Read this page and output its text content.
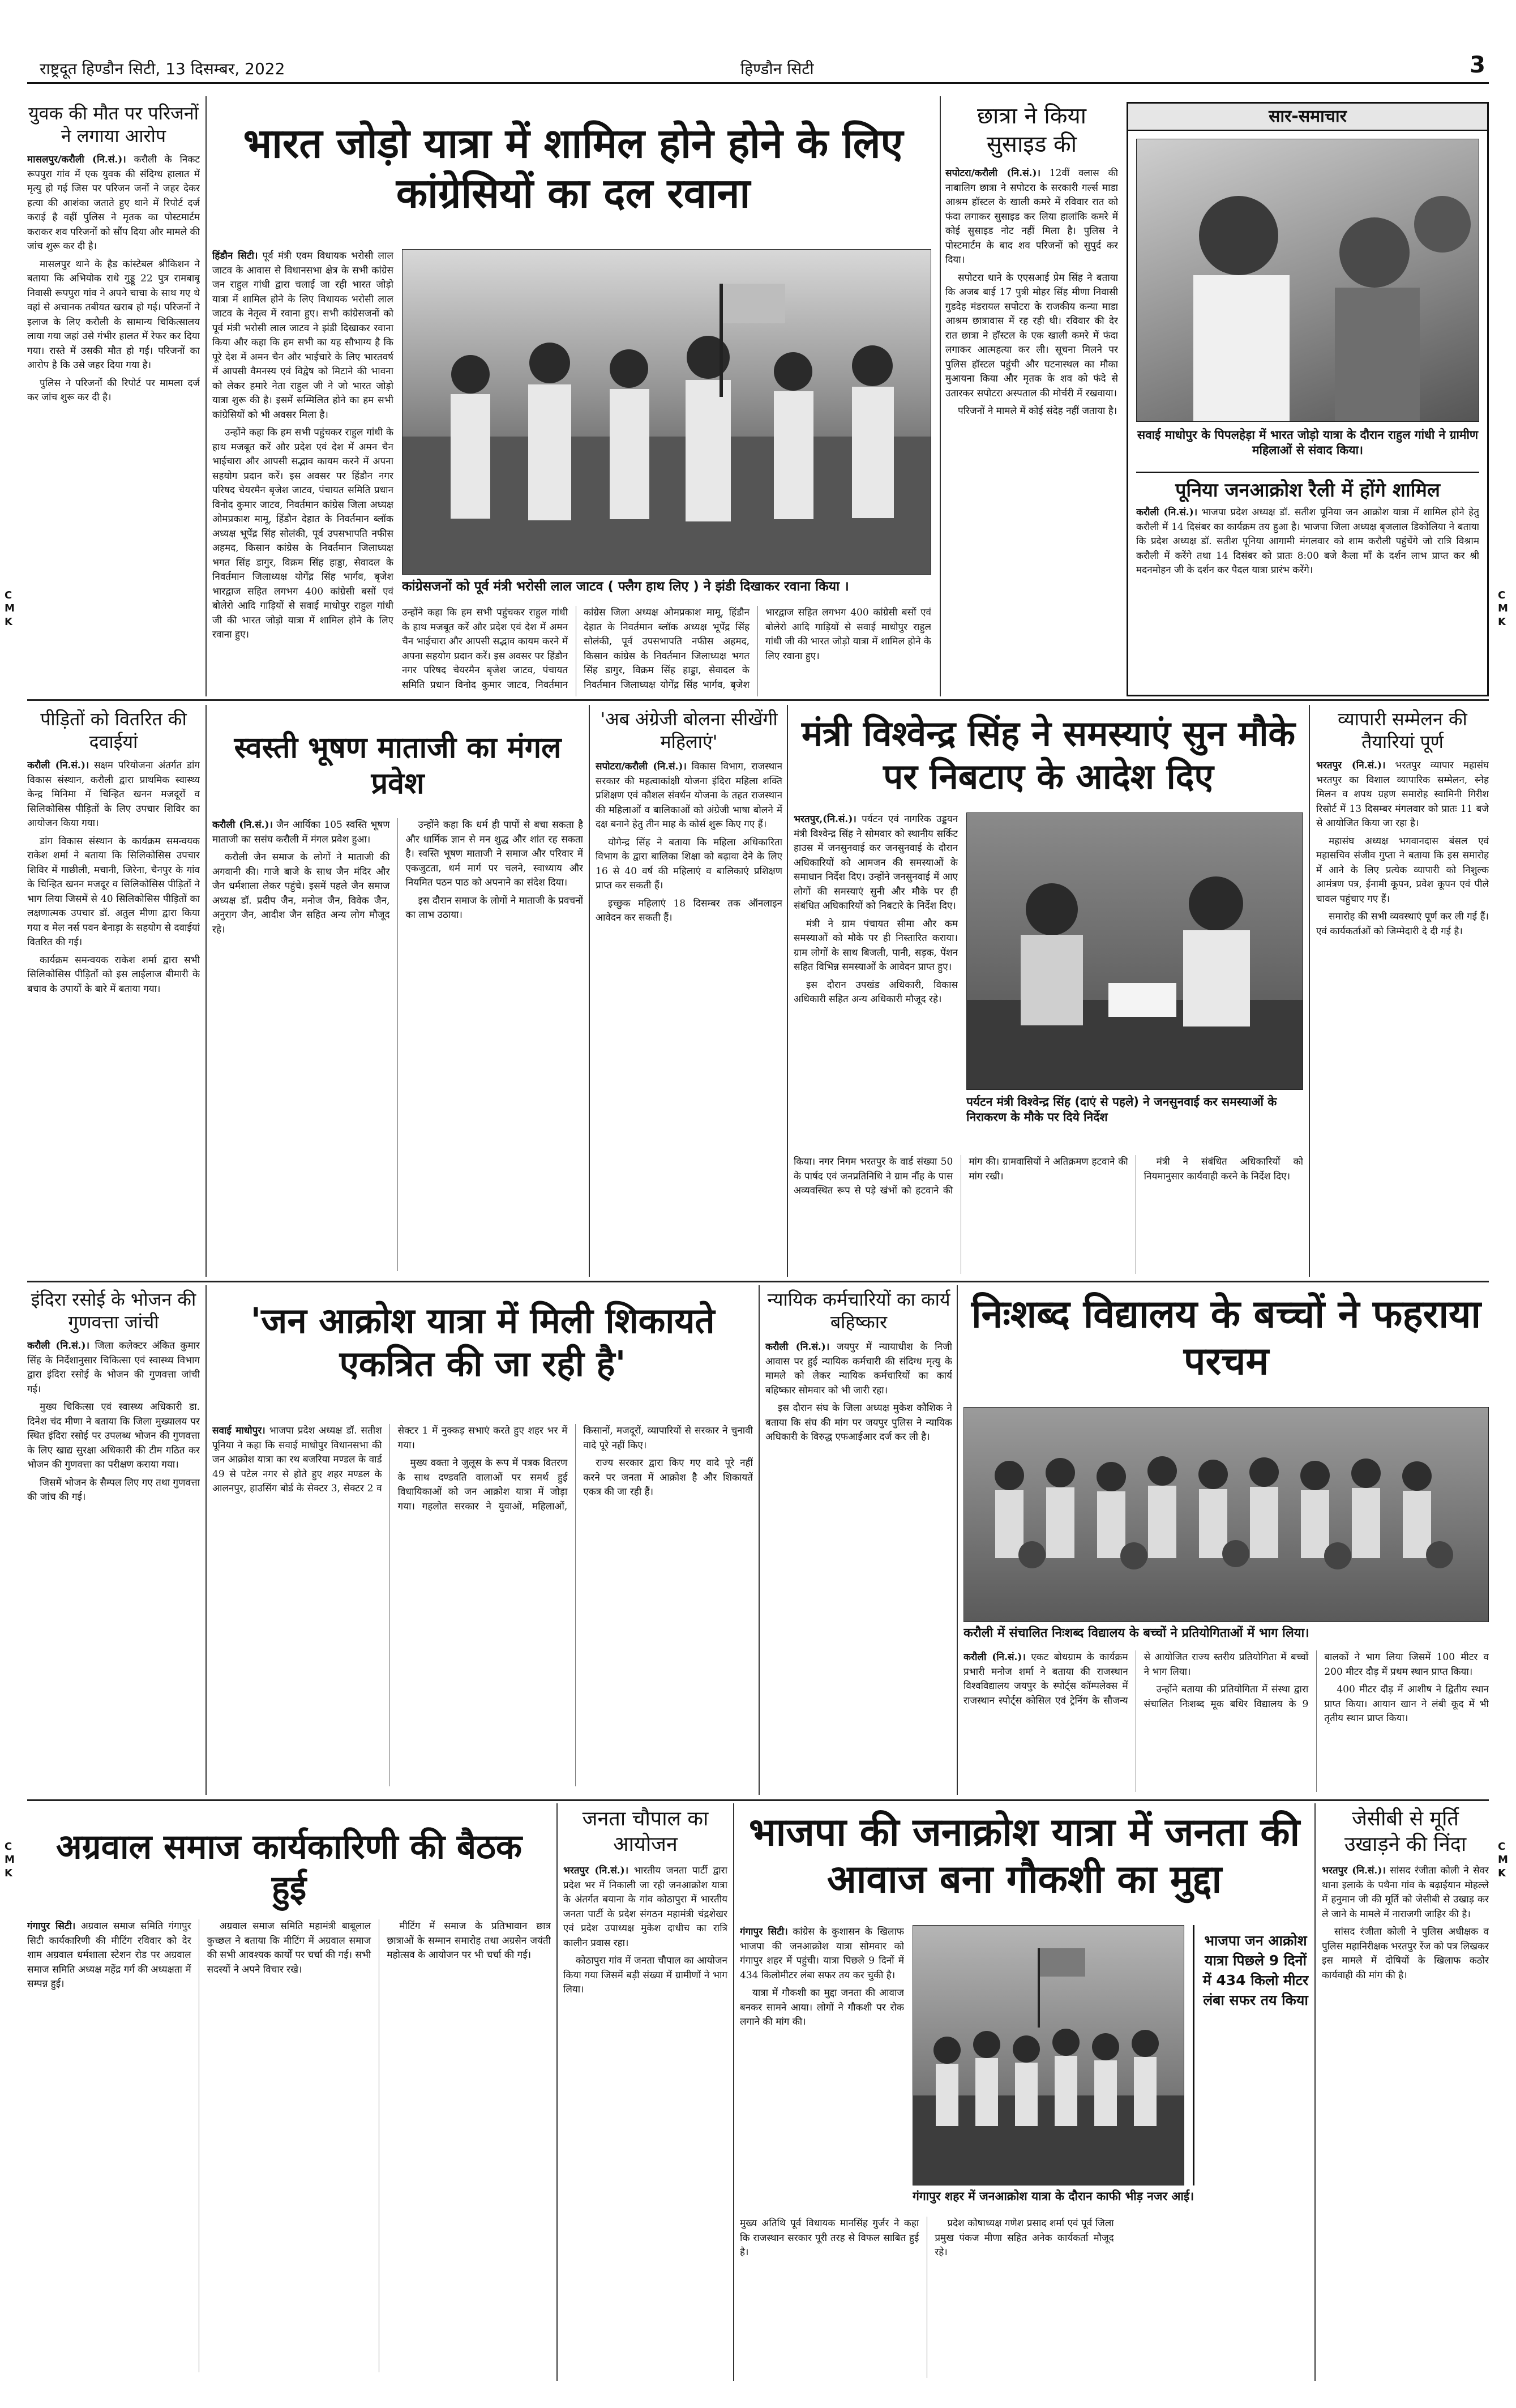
राष्ट्रदूत हिण्डौन सिटी, 13 दिसम्बर, 2022	हिण्डौन सिटी	3
C M K
C M K
C M K
C M K
युवक की मौत पर परिजनों ने लगाया आरोप

मासलपुर/करौली (नि.सं.)। करौली के निकट रूपपुरा गांव में एक युवक की संदिग्ध हालात में मृत्यु हो गई जिस पर परिजन जनों ने जहर देकर हत्या की आशंका जताते हुए थाने में रिपोर्ट दर्ज कराई है वहीं पुलिस ने मृतक का पोस्टमार्टम कराकर शव परिजनों को सौंप दिया और मामले की जांच शुरू कर दी है।

मासलपुर थाने के हैड कांस्टेबल श्रीकिशन ने बताया कि अभियोक राधे गुड्डू 22 पुत्र रामबाबू निवासी रूपपुरा गांव ने अपने चाचा के साथ गए थे वहां से अचानक तबीयत खराब हो गई। परिजनों ने इलाज के लिए करौली के सामान्य चिकित्सालय लाया गया जहां उसे गंभीर हालत में रेफर कर दिया गया। रास्ते में उसकी मौत हो गई। परिजनों का आरोप है कि उसे जहर दिया गया है।

पुलिस ने परिजनों की रिपोर्ट पर मामला दर्ज कर जांच शुरू कर दी है।

भारत जोड़ो यात्रा में शामिल होने होने के लिए कांग्रेसियों का दल रवाना

हिंडौन सिटी। पूर्व मंत्री एवम विधायक भरोसी लाल जाटव के आवास से विधानसभा क्षेत्र के सभी कांग्रेस जन राहुल गांधी द्वारा चलाई जा रही भारत जोड़ो यात्रा में शामिल होने के लिए विधायक भरोसी लाल जाटव के नेतृत्व में रवाना हुए। सभी कांग्रेसजनों को पूर्व मंत्री भरोसी लाल जाटव ने झंडी दिखाकर रवाना किया और कहा कि हम सभी का यह सौभाग्य है कि पूरे देश में अमन चैन और भाईचारे के लिए भारतवर्ष में आपसी वैमनस्य एवं विद्वेष को मिटाने की भावना को लेकर हमारे नेता राहुल जी ने जो भारत जोड़ो यात्रा शुरू की है। इसमें सम्मिलित होने का हम सभी कांग्रेसियों को भी अवसर मिला है।

उन्होंने कहा कि हम सभी पहुंचकर राहुल गांधी के हाथ मजबूत करें और प्रदेश एवं देश में अमन चैन भाईचारा और आपसी सद्भाव कायम करने में अपना सहयोग प्रदान करें। इस अवसर पर हिंडौन नगर परिषद चेयरमैन बृजेश जाटव, पंचायत समिति प्रधान विनोद कुमार जाटव, निवर्तमान कांग्रेस जिला अध्यक्ष ओमप्रकाश मामू, हिंडौन देहात के निवर्तमान ब्लॉक अध्यक्ष भूपेंद्र सिंह सोलंकी, पूर्व उपसभापति नफीस अहमद, किसान कांग्रेस के निवर्तमान जिलाध्यक्ष भगत सिंह डागुर, विक्रम सिंह हाड्डा, सेवादल के निवर्तमान जिलाध्यक्ष योगेंद्र सिंह भार्गव, बृजेश भारद्वाज सहित लगभग 400 कांग्रेसी बसों एवं बोलेरो आदि गाड़ियों से सवाई माधोपुर राहुल गांधी जी की भारत जोड़ो यात्रा में शामिल होने के लिए रवाना हुए।

कांग्रेसजनों को पूर्व मंत्री भरोसी लाल जाटव ( फ्लैग हाथ लिए ) ने झंडी दिखाकर रवाना किया ।

उन्होंने कहा कि हम सभी पहुंचकर राहुल गांधी के हाथ मजबूत करें और प्रदेश एवं देश में अमन चैन भाईचारा और आपसी सद्भाव कायम करने में अपना सहयोग प्रदान करें। इस अवसर पर हिंडौन नगर परिषद चेयरमैन बृजेश जाटव, पंचायत समिति प्रधान विनोद कुमार जाटव, निवर्तमान कांग्रेस जिला अध्यक्ष ओमप्रकाश मामू, हिंडौन देहात के निवर्तमान ब्लॉक अध्यक्ष भूपेंद्र सिंह सोलंकी, पूर्व उपसभापति नफीस अहमद, किसान कांग्रेस के निवर्तमान जिलाध्यक्ष भगत सिंह डागुर, विक्रम सिंह हाड्डा, सेवादल के निवर्तमान जिलाध्यक्ष योगेंद्र सिंह भार्गव, बृजेश भारद्वाज सहित लगभग 400 कांग्रेसी बसों एवं बोलेरो आदि गाड़ियों से सवाई माधोपुर राहुल गांधी जी की भारत जोड़ो यात्रा में शामिल होने के लिए रवाना हुए।

छात्रा ने किया सुसाइड की

सपोटरा/करौली (नि.सं.)। 12वीं क्लास की नाबालिग छात्रा ने सपोटरा के सरकारी गर्ल्स माडा आश्रम हॉस्टल के खाली कमरे में रविवार रात को फंदा लगाकर सुसाइड कर लिया हालांकि कमरे में कोई सुसाइड नोट नहीं मिला है। पुलिस ने पोस्टमार्टम के बाद शव परिजनों को सुपुर्द कर दिया।

सपोटरा थाने के एएसआई प्रेम सिंह ने बताया कि अजब बाई 17 पुत्री मोहर सिंह मीणा निवासी गुडदेह मंडरायल सपोटरा के राजकीय कन्या माडा आश्रम छात्रावास में रह रही थी। रविवार की देर रात छात्रा ने हॉस्टल के एक खाली कमरे में फंदा लगाकर आत्महत्या कर ली। सूचना मिलने पर पुलिस हॉस्टल पहुंची और घटनास्थल का मौका मुआयना किया और मृतक के शव को फंदे से उतारकर सपोटरा अस्पताल की मोर्चरी में रखवाया।

परिजनों ने मामले में कोई संदेह नहीं जताया है।

सार-समाचार
सवाई माधोपुर के पिपलहेड़ा में भारत जोड़ो यात्रा के दौरान राहुल गांधी ने ग्रामीण महिलाओं से संवाद किया।
पूनिया जनआक्रोश रैली में होंगे शामिल

करौली (नि.सं.)। भाजपा प्रदेश अध्यक्ष डॉ. सतीश पूनिया जन आक्रोश यात्रा में शामिल होने हेतु करौली में 14 दिसंबर का कार्यक्रम तय हुआ है। भाजपा जिला अध्यक्ष बृजलाल डिकोलिया ने बताया कि प्रदेश अध्यक्ष डॉ. सतीश पूनिया आगामी मंगलवार को शाम करौली पहुंचेंगे जो रात्रि विश्राम करौली में करेंगे तथा 14 दिसंबर को प्रातः 8:00 बजे कैला माँ के दर्शन लाभ प्राप्त कर श्री मदनमोहन जी के दर्शन कर पैदल यात्रा प्रारंभ करेंगे।

पीड़ितों को वितरित की दवाईयां

करौली (नि.सं.)। सक्षम परियोजना अंतर्गत डांग विकास संस्थान, करौली द्वारा प्राथमिक स्वास्थ्य केन्द्र मिनिमा में चिन्हित खनन मजदूरों व सिलिकोसिस पीड़ितों के लिए उपचार शिविर का आयोजन किया गया।

डांग विकास संस्थान के कार्यक्रम समन्वयक राकेश शर्मा ने बताया कि सिलिकोसिस उपचार शिविर में गाछीली, मचानी, जिरेना, चैनपुर के गांव के चिन्हित खनन मजदूर व सिलिकोसिस पीड़ितों ने भाग लिया जिसमें से 40 सिलिकोसिस पीड़ितों का लक्षणात्मक उपचार डॉ. अतुल मीणा द्वारा किया गया व मेल नर्स पवन बेनाड़ा के सहयोग से दवाईयां वितरित की गई।

कार्यक्रम समन्वयक राकेश शर्मा द्वारा सभी सिलिकोसिस पीड़ितों को इस लाईलाज बीमारी के बचाव के उपायों के बारे में बताया गया।

स्वस्ती भूषण माताजी का मंगल प्रवेश

करौली (नि.सं.)। जैन आर्यिका 105 स्वस्ति भूषण माताजी का ससंघ करौली में मंगल प्रवेश हुआ।

करौली जैन समाज के लोगों ने माताजी की अगवानी की। गाजे बाजे के साथ जैन मंदिर और जैन धर्मशाला लेकर पहुंचे। इसमें पहले जैन समाज अध्यक्ष डॉ. प्रदीप जैन, मनोज जैन, विवेक जैन, अनुराग जैन, आदीश जैन सहित अन्य लोग मौजूद रहे।

उन्होंने कहा कि धर्म ही पापों से बचा सकता है और धार्मिक ज्ञान से मन शुद्ध और शांत रह सकता है। स्वस्ति भूषण माताजी ने समाज और परिवार में एकजुटता, धर्म मार्ग पर चलने, स्वाध्याय और नियमित पठन पाठ को अपनाने का संदेश दिया।

इस दौरान समाज के लोगों ने माताजी के प्रवचनों का लाभ उठाया।

'अब अंग्रेजी बोलना सीखेंगी महिलाएं'

सपोटरा/करौली (नि.सं.)। विकास विभाग, राजस्थान सरकार की महत्वाकांक्षी योजना इंदिरा महिला शक्ति प्रशिक्षण एवं कौशल संवर्धन योजना के तहत राजस्थान की महिलाओं व बालिकाओं को अंग्रेजी भाषा बोलने में दक्ष बनाने हेतु तीन माह के कोर्स शुरू किए गए हैं।

योगेन्द्र सिंह ने बताया कि महिला अधिकारिता विभाग के द्वारा बालिका शिक्षा को बढ़ावा देने के लिए 16 से 40 वर्ष की महिलाएं व बालिकाएं प्रशिक्षण प्राप्त कर सकती हैं।

इच्छुक महिलाएं 18 दिसम्बर तक ऑनलाइन आवेदन कर सकती हैं।

मंत्री विश्वेन्द्र सिंह ने समस्याएं सुन मौके पर निबटाए के आदेश दिए

भरतपुर,(नि.सं.)। पर्यटन एवं नागरिक उड्डयन मंत्री विश्वेन्द्र सिंह ने सोमवार को स्थानीय सर्किट हाउस में जनसुनवाई कर जनसुनवाई के दौरान अधिकारियों को आमजन की समस्याओं के समाधान निर्देश दिए। उन्होंने जनसुनवाई में आए लोगों की समस्याएं सुनी और मौके पर ही संबंधित अधिकारियों को निबटारे के निर्देश दिए।

मंत्री ने ग्राम पंचायत सीमा और कम समस्याओं को मौके पर ही निस्तारित कराया। ग्राम लोगों के साथ बिजली, पानी, सड़क, पेंशन सहित विभिन्न समस्याओं के आवेदन प्राप्त हुए।

इस दौरान उपखंड अधिकारी, विकास अधिकारी सहित अन्य अधिकारी मौजूद रहे।

पर्यटन मंत्री विश्वेन्द्र सिंह (दाएं से पहले) ने जनसुनवाई कर समस्याओं के निराकरण के मौके पर दिये निर्देश

किया। नगर निगम भरतपुर के वार्ड संख्या 50 के पार्षद एवं जनप्रतिनिधि ने ग्राम नौंह के पास अव्यवस्थित रूप से पड़े खंभों को हटवाने की मांग की। ग्रामवासियों ने अतिक्रमण हटवाने की मांग रखी।

मंत्री ने संबंधित अधिकारियों को नियमानुसार कार्यवाही करने के निर्देश दिए।

व्यापारी सम्मेलन की तैयारियां पूर्ण

भरतपुर (नि.सं.)। भरतपुर व्यापार महासंघ भरतपुर का विशाल व्यापारिक सम्मेलन, स्नेह मिलन व शपथ ग्रहण समारोह स्वामिनी गिरीश रिसोर्ट में 13 दिसम्बर मंगलवार को प्रातः 11 बजे से आयोजित किया जा रहा है।

महासंघ अध्यक्ष भगवानदास बंसल एवं महासचिव संजीव गुप्ता ने बताया कि इस समारोह में आने के लिए प्रत्येक व्यापारी को निशुल्क आमंत्रण पत्र, ईनामी कूपन, प्रवेश कूपन एवं पीले चावल पहुंचाए गए हैं।

समारोह की सभी व्यवस्थाएं पूर्ण कर ली गई हैं। एवं कार्यकर्ताओं को जिम्मेदारी दे दी गई है।

इंदिरा रसोई के भोजन की गुणवत्ता जांची

करौली (नि.सं.)। जिला कलेक्टर अंकित कुमार सिंह के निर्देशानुसार चिकित्सा एवं स्वास्थ्य विभाग द्वारा इंदिरा रसोई के भोजन की गुणवत्ता जांची गई।

मुख्य चिकित्सा एवं स्वास्थ्य अधिकारी डा. दिनेश चंद मीणा ने बताया कि जिला मुख्यालय पर स्थित इंदिरा रसोई पर उपलब्ध भोजन की गुणवत्ता के लिए खाद्य सुरक्षा अधिकारी की टीम गठित कर भोजन की गुणवत्ता का परीक्षण कराया गया।

जिसमें भोजन के सैम्पल लिए गए तथा गुणवत्ता की जांच की गई।

'जन आक्रोश यात्रा में मिली शिकायते एकत्रित की जा रही है'

सवाई माधोपुर। भाजपा प्रदेश अध्यक्ष डॉ. सतीश पूनिया ने कहा कि सवाई माधोपुर विधानसभा की जन आक्रोश यात्रा का रथ बजरिया मण्डल के वार्ड 49 से पटेल नगर से होते हुए शहर मण्डल के आलनपुर, हाउसिंग बोर्ड के सेक्टर 3, सेक्टर 2 व सेक्टर 1 में नुक्कड़ सभाएं करते हुए शहर भर में गया।

मुख्य वक्ता ने जुलूस के रूप में पत्रक वितरण के साथ दण्डवति वालाओं पर समर्थ हुई विधायिकाओं को जन आक्रोश यात्रा में जोड़ा गया। गहलोत सरकार ने युवाओं, महिलाओं, किसानों, मजदूरों, व्यापारियों से सरकार ने चुनावी वादे पूरे नहीं किए।

राज्य सरकार द्वारा किए गए वादे पूरे नहीं करने पर जनता में आक्रोश है और शिकायतें एकत्र की जा रही हैं।

न्यायिक कर्मचारियों का कार्य बहिष्कार

करौली (नि.सं.)। जयपुर में न्यायाधीश के निजी आवास पर हुई न्यायिक कर्मचारी की संदिग्ध मृत्यु के मामले को लेकर न्यायिक कर्मचारियों का कार्य बहिष्कार सोमवार को भी जारी रहा।

इस दौरान संघ के जिला अध्यक्ष मुकेश कौशिक ने बताया कि संघ की मांग पर जयपुर पुलिस ने न्यायिक अधिकारी के विरुद्ध एफआईआर दर्ज कर ली है।

निःशब्द विद्यालय के बच्चों ने फहराया परचम
करौली में संचालित निःशब्द विद्यालय के बच्चों ने प्रतियोगिताओं में भाग लिया।

करौली (नि.सं.)। एकट बोधग्राम के कार्यक्रम प्रभारी मनोज शर्मा ने बताया की राजस्थान विश्वविद्यालय जयपुर के स्पोर्ट्स कॉम्पलेक्स में राजस्थान स्पोर्ट्स कोसिल एवं ट्रेनिंग के सौजन्य से आयोजित राज्य स्तरीय प्रतियोगिता में बच्चों ने भाग लिया।

उन्होंने बताया की प्रतियोगिता में संस्था द्वारा संचालित निःशब्द मूक बधिर विद्यालय के 9 बालकों ने भाग लिया जिसमें 100 मीटर व 200 मीटर दौड़ में प्रथम स्थान प्राप्त किया।

400 मीटर दौड़ में आशीष ने द्वितीय स्थान प्राप्त किया। आयान खान ने लंबी कूद में भी तृतीय स्थान प्राप्त किया।

अग्रवाल समाज कार्यकारिणी की बैठक हुई

गंगापुर सिटी। अग्रवाल समाज समिति गंगापुर सिटी कार्यकारिणी की मीटिंग रविवार को देर शाम अग्रवाल धर्मशाला स्टेशन रोड पर अग्रवाल समाज समिति अध्यक्ष महेंद्र गर्ग की अध्यक्षता में सम्पन्न हुई।

अग्रवाल समाज समिति महामंत्री बाबूलाल कुच्छल ने बताया कि मीटिंग में अग्रवाल समाज की सभी आवश्यक कार्यों पर चर्चा की गई। सभी सदस्यों ने अपने विचार रखे।

मीटिंग में समाज के प्रतिभावान छात्र छात्राओं के सम्मान समारोह तथा अग्रसेन जयंती महोत्सव के आयोजन पर भी चर्चा की गई।

जनता चौपाल का आयोजन

भरतपुर (नि.सं.)। भारतीय जनता पार्टी द्वारा प्रदेश भर में निकाली जा रही जनआक्रोश यात्रा के अंतर्गत बयाना के गांव कोठापुरा में भारतीय जनता पार्टी के प्रदेश संगठन महामंत्री चंद्रशेखर एवं प्रदेश उपाध्यक्ष मुकेश दाधीच का रात्रि कालीन प्रवास रहा।

कोठापुरा गांव में जनता चौपाल का आयोजन किया गया जिसमें बड़ी संख्या में ग्रामीणों ने भाग लिया।

भाजपा की जनाक्रोश यात्रा में जनता की आवाज बना गौकशी का मुद्दा

गंगापुर सिटी। कांग्रेस के कुशासन के खिलाफ भाजपा की जनआक्रोश यात्रा सोमवार को गंगापुर शहर में पहुंची। यात्रा पिछले 9 दिनों में 434 किलोमीटर लंबा सफर तय कर चुकी है।

यात्रा में गौकशी का मुद्दा जनता की आवाज बनकर सामने आया। लोगों ने गौकशी पर रोक लगाने की मांग की।

भाजपा जन आक्रोश यात्रा पिछले 9 दिनों में 434 किलो मीटर लंबा सफर तय किया
गंगापुर शहर में जनआक्रोश यात्रा के दौरान काफी भीड़ नजर आई।

मुख्य अतिथि पूर्व विधायक मानसिंह गुर्जर ने कहा कि राजस्थान सरकार पूरी तरह से विफल साबित हुई है।

प्रदेश कोषाध्यक्ष गणेश प्रसाद शर्मा एवं पूर्व जिला प्रमुख पंकज मीणा सहित अनेक कार्यकर्ता मौजूद रहे।

जेसीबी से मूर्ति उखाड़ने की निंदा

भरतपुर (नि.सं.)। सांसद रंजीता कोली ने सेवर थाना इलाके के पथैना गांव के बढ़ाईयान मोहल्ले में हनुमान जी की मूर्ति को जेसीबी से उखाड़ कर ले जाने के मामले में नाराजगी जाहिर की है।

सांसद रंजीता कोली ने पुलिस अधीक्षक व पुलिस महानिरीक्षक भरतपुर रेंज को पत्र लिखकर इस मामले में दोषियों के खिलाफ कठोर कार्यवाही की मांग की है।
